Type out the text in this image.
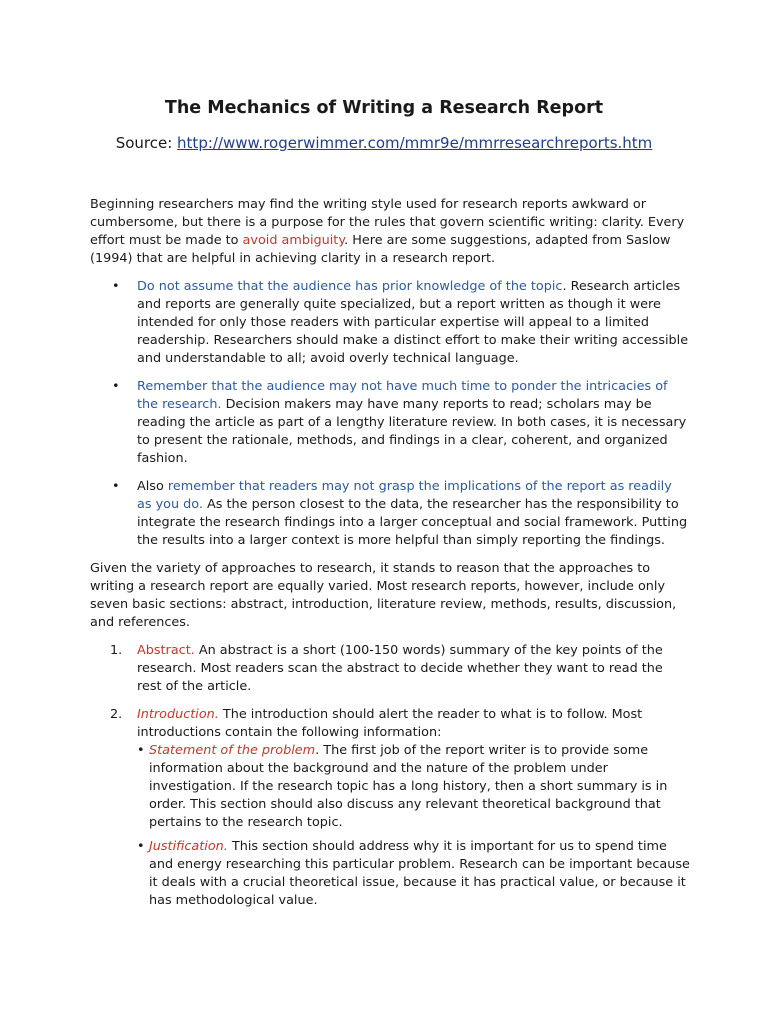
The Mechanics of Writing a Research Report
Source: http://www.rogerwimmer.com/mmr9e/mmrresearchreports.htm

Beginning researchers may find the writing style used for research reports awkward or cumbersome, but there is a purpose for the rules that govern scientific writing: clarity. Every effort must be made to avoid ambiguity. Here are some suggestions, adapted from Saslow (1994) that are helpful in achieving clarity in a research report.

• Do not assume that the audience has prior knowledge of the topic. Research articles and reports are generally quite specialized, but a report written as though it were intended for only those readers with particular expertise will appeal to a limited readership. Researchers should make a distinct effort to make their writing accessible and understandable to all; avoid overly technical language.
• Remember that the audience may not have much time to ponder the intricacies of the research. Decision makers may have many reports to read; scholars may be reading the article as part of a lengthy literature review. In both cases, it is necessary to present the rationale, methods, and findings in a clear, coherent, and organized fashion.
• Also remember that readers may not grasp the implications of the report as readily as you do. As the person closest to the data, the researcher has the responsibility to integrate the research findings into a larger conceptual and social framework. Putting the results into a larger context is more helpful than simply reporting the findings.

Given the variety of approaches to research, it stands to reason that the approaches to writing a research report are equally varied. Most research reports, however, include only seven basic sections: abstract, introduction, literature review, methods, results, discussion, and references.

1. Abstract. An abstract is a short (100-150 words) summary of the key points of the research. Most readers scan the abstract to decide whether they want to read the rest of the article.
2. Introduction. The introduction should alert the reader to what is to follow. Most introductions contain the following information:
• Statement of the problem. The first job of the report writer is to provide some information about the background and the nature of the problem under investigation. If the research topic has a long history, then a short summary is in order. This section should also discuss any relevant theoretical background that pertains to the research topic.
• Justification. This section should address why it is important for us to spend time and energy researching this particular problem. Research can be important because it deals with a crucial theoretical issue, because it has practical value, or because it has methodological value.
